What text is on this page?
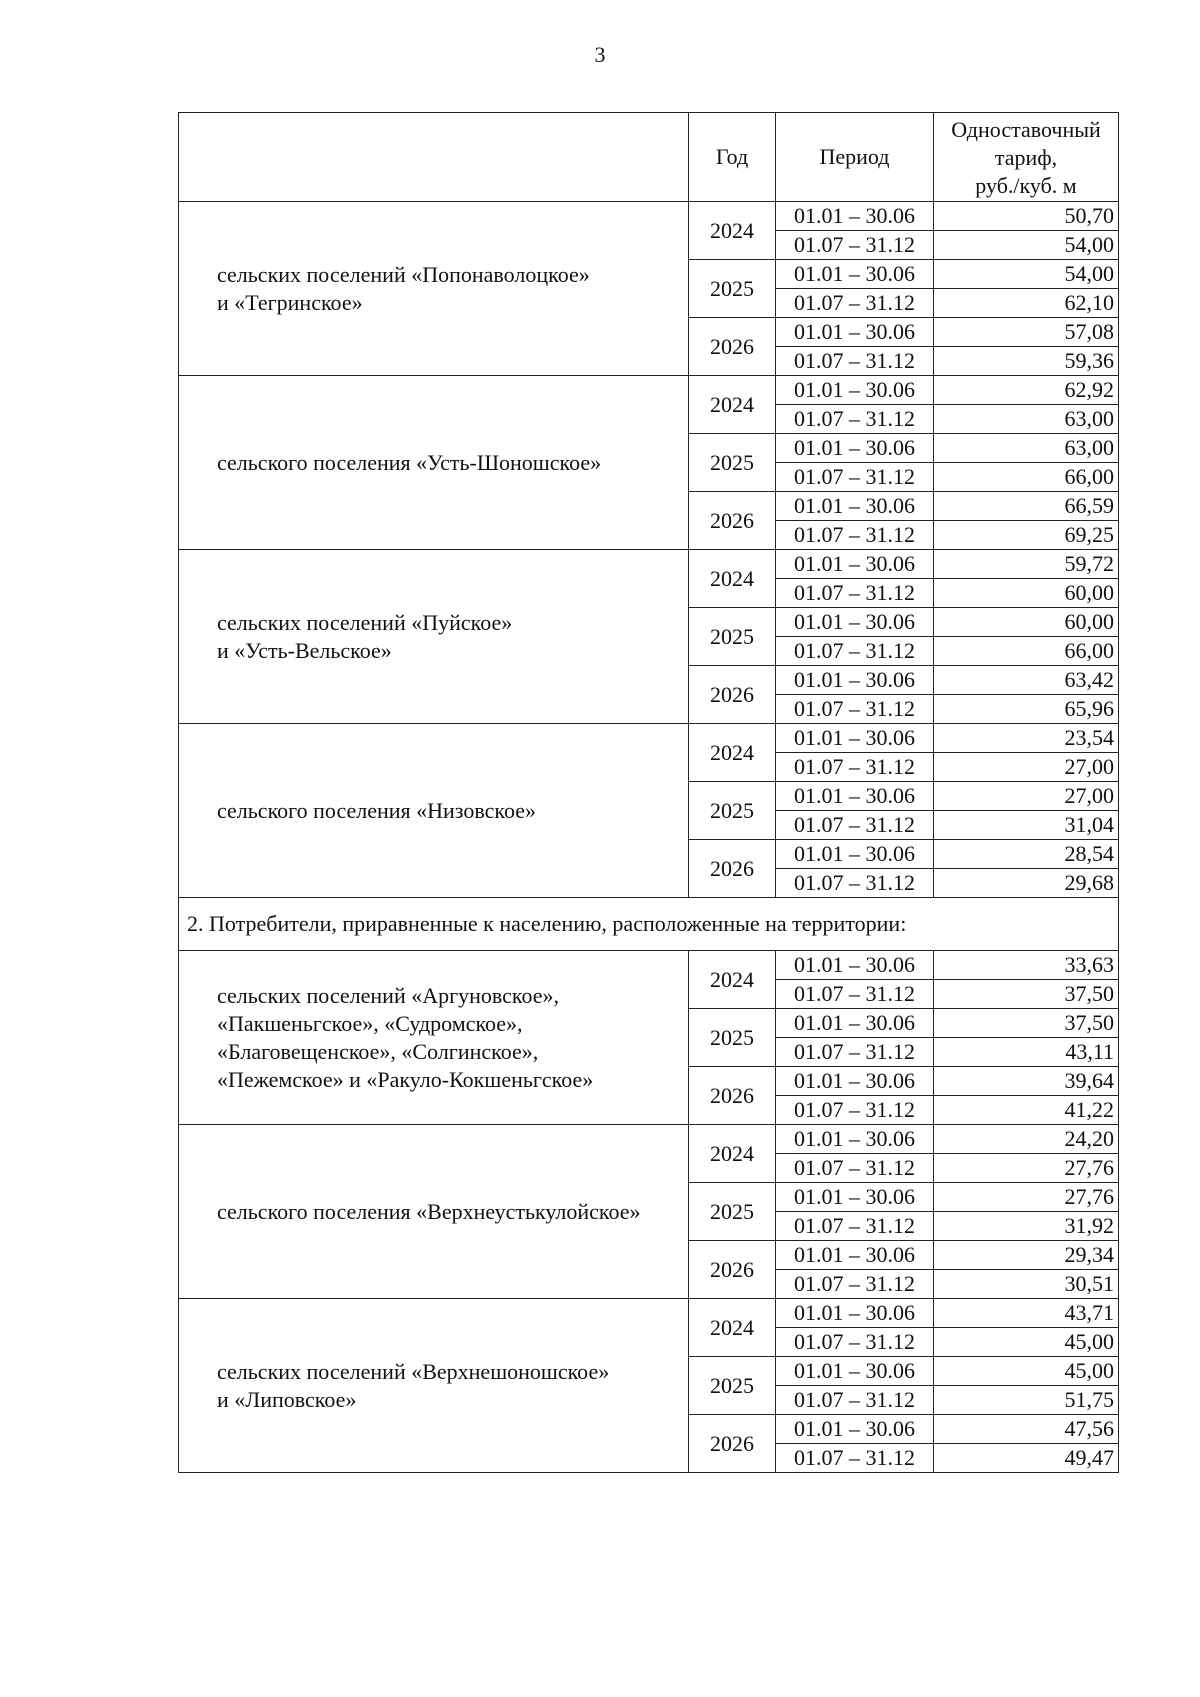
3
	Год	Период	Одноставочный
тариф,
руб./куб. м

сельских поселений «Попонаволоцкое»
и «Тегринское»	2024	01.01 – 30.06	50,70
		01.07 – 31.12	54,00
	2025	01.01 – 30.06	54,00
		01.07 – 31.12	62,10
	2026	01.01 – 30.06	57,08
		01.07 – 31.12	59,36

сельского поселения «Усть-Шоношское»	2024	01.01 – 30.06	62,92
		01.07 – 31.12	63,00
	2025	01.01 – 30.06	63,00
		01.07 – 31.12	66,00
	2026	01.01 – 30.06	66,59
		01.07 – 31.12	69,25

сельских поселений «Пуйское»
и «Усть-Вельское»	2024	01.01 – 30.06	59,72
		01.07 – 31.12	60,00
	2025	01.01 – 30.06	60,00
		01.07 – 31.12	66,00
	2026	01.01 – 30.06	63,42
		01.07 – 31.12	65,96

сельского поселения «Низовское»	2024	01.01 – 30.06	23,54
		01.07 – 31.12	27,00
	2025	01.01 – 30.06	27,00
		01.07 – 31.12	31,04
	2026	01.01 – 30.06	28,54
		01.07 – 31.12	29,68
2. Потребители, приравненные к населению, расположенные на территории:			

сельских поселений «Аргуновское»,
«Пакшеньгское», «Судромское»,
«Благовещенское», «Солгинское»,
«Пежемское» и «Ракуло-Кокшеньгское»	2024	01.01 – 30.06	33,63
		01.07 – 31.12	37,50
	2025	01.01 – 30.06	37,50
		01.07 – 31.12	43,11
	2026	01.01 – 30.06	39,64
		01.07 – 31.12	41,22

сельского поселения «Верхнеустькулойское»	2024	01.01 – 30.06	24,20
		01.07 – 31.12	27,76
	2025	01.01 – 30.06	27,76
		01.07 – 31.12	31,92
	2026	01.01 – 30.06	29,34
		01.07 – 31.12	30,51

сельских поселений «Верхнешоношское»
и «Липовское»	2024	01.01 – 30.06	43,71
		01.07 – 31.12	45,00
	2025	01.01 – 30.06	45,00
		01.07 – 31.12	51,75
	2026	01.01 – 30.06	47,56
		01.07 – 31.12	49,47
